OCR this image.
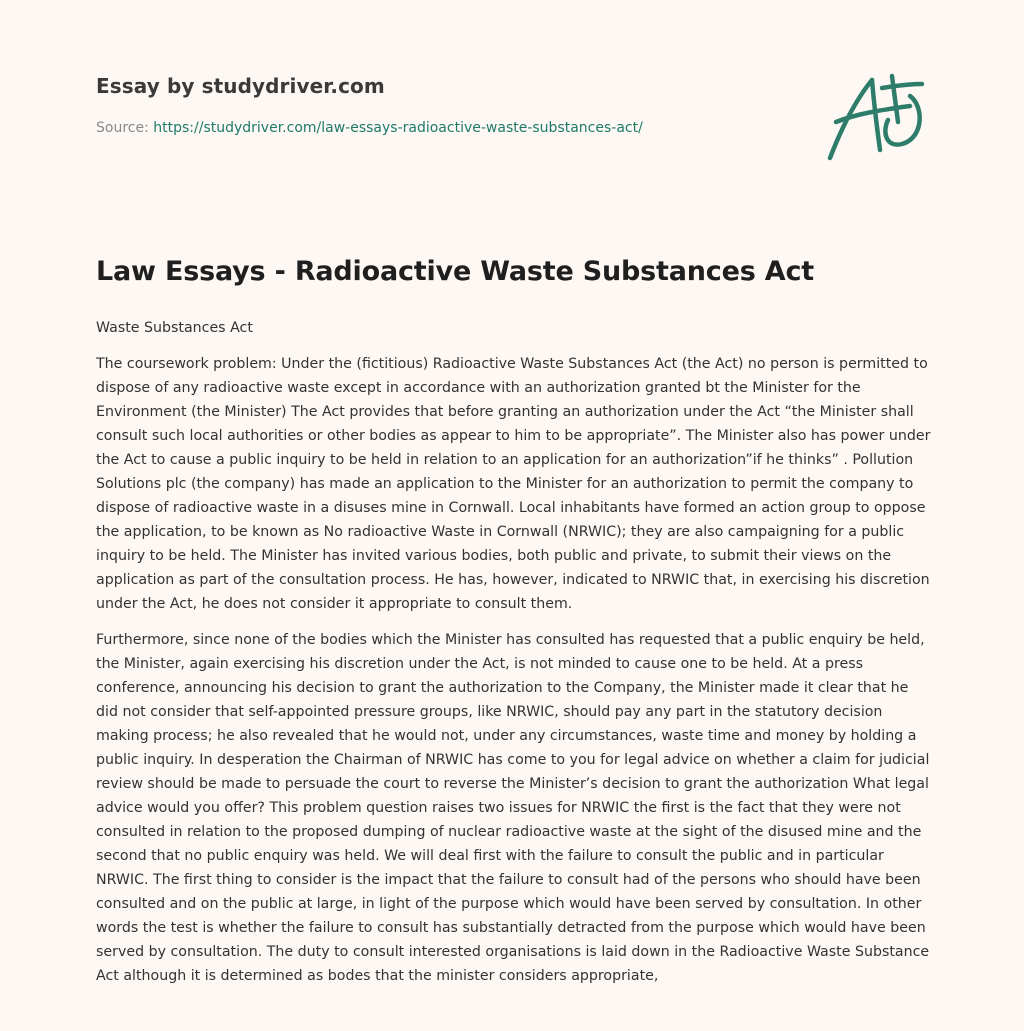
Essay by studydriver.com
Source: https://studydriver.com/law-essays-radioactive-waste-substances-act/
Law Essays - Radioactive Waste Substances Act

Waste Substances Act

The coursework problem: Under the (fictitious) Radioactive Waste Substances Act (the Act) no person is permitted to dispose of any radioactive waste except in accordance with an authorization granted bt the Minister for the Environment (the Minister) The Act provides that before granting an authorization under the Act “the Minister shall consult such local authorities or other bodies as appear to him to be appropriate”. The Minister also has power under the Act to cause a public inquiry to be held in relation to an application for an authorization”if he thinks” . Pollution Solutions plc (the company) has made an application to the Minister for an authorization to permit the company to dispose of radioactive waste in a disuses mine in Cornwall. Local inhabitants have formed an action group to oppose the application, to be known as No radioactive Waste in Cornwall (NRWIC); they are also campaigning for a public inquiry to be held. The Minister has invited various bodies, both public and private, to submit their views on the application as part of the consultation process. He has, however, indicated to NRWIC that, in exercising his discretion under the Act, he does not consider it appropriate to consult them.

Furthermore, since none of the bodies which the Minister has consulted has requested that a public enquiry be held, the Minister, again exercising his discretion under the Act, is not minded to cause one to be held. At a press conference, announcing his decision to grant the authorization to the Company, the Minister made it clear that he did not consider that self-appointed pressure groups, like NRWIC, should pay any part in the statutory decision making process; he also revealed that he would not, under any circumstances, waste time and money by holding a public inquiry. In desperation the Chairman of NRWIC has come to you for legal advice on whether a claim for judicial review should be made to persuade the court to reverse the Minister’s decision to grant the authorization What legal advice would you offer? This problem question raises two issues for NRWIC the first is the fact that they were not consulted in relation to the proposed dumping of nuclear radioactive waste at the sight of the disused mine and the second that no public enquiry was held. We will deal first with the failure to consult the public and in particular NRWIC. The first thing to consider is the impact that the failure to consult had of the persons who should have been consulted and on the public at large, in light of the purpose which would have been served by consultation. In other words the test is whether the failure to consult has substantially detracted from the purpose which would have been served by consultation. The duty to consult interested organisations is laid down in the Radioactive Waste Substance Act although it is determined as bodes that the minister considers appropriate,
